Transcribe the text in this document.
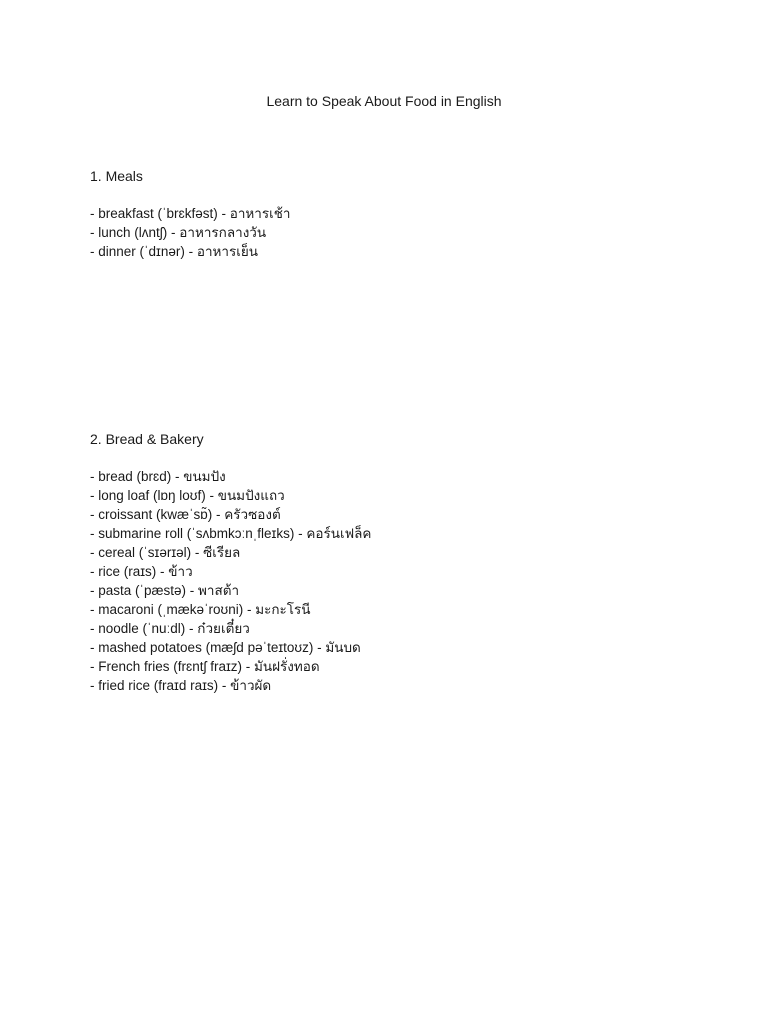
Learn to Speak About Food in English
1. Meals
- breakfast (ˈbrɛkfəst) - อาหารเช้า
- lunch (lʌntʃ) - อาหารกลางวัน
- dinner (ˈdɪnər) - อาหารเย็น
2. Bread & Bakery
- bread (brɛd) - ขนมปัง
- long loaf (lɒŋ loʊf) - ขนมปังแถว
- croissant (kwæˈsɒ̃) - ครัวซองต์
- submarine roll (ˈsʌbmkɔːnˌfleɪks) - คอร์นเฟล็ค
- cereal (ˈsɪərɪəl) - ซีเรียล
- rice (raɪs) - ข้าว
- pasta (ˈpæstə) - พาสต้า
- macaroni (ˌmækəˈroʊni) - มะกะโรนี
- noodle (ˈnuːdl) - ก๋วยเตี๋ยว
- mashed potatoes (mæʃd pəˈteɪtoʊz) - มันบด
- French fries (frɛntʃ fraɪz) - มันฝรั่งทอด
- fried rice (fraɪd raɪs) - ข้าวผัด
